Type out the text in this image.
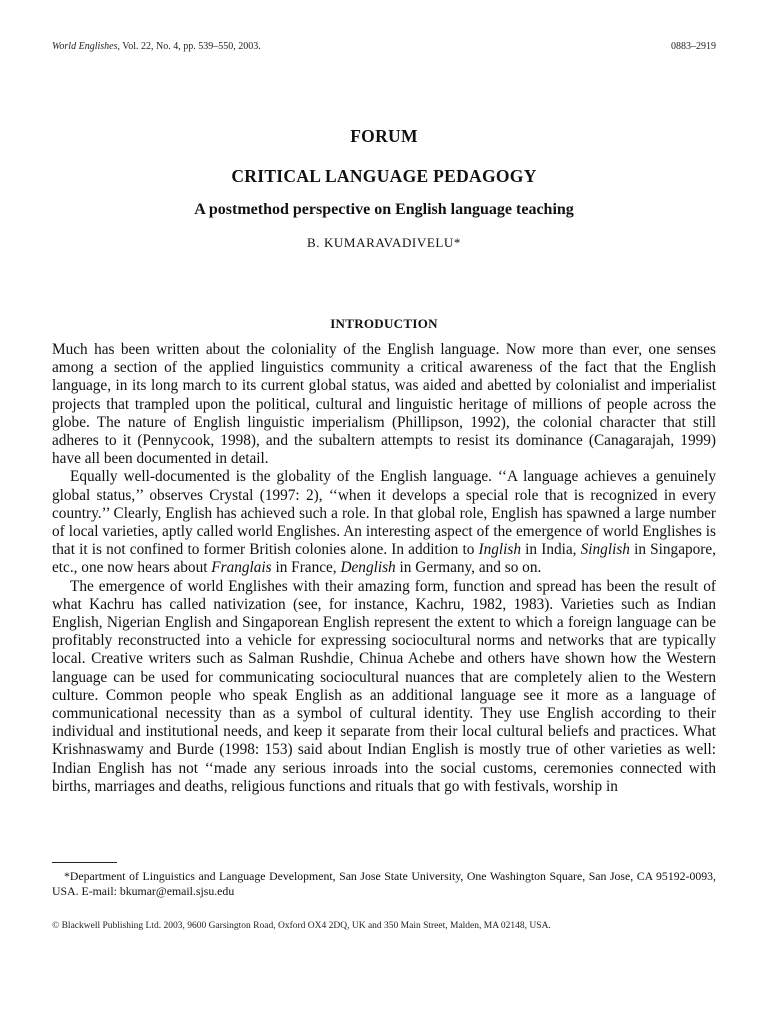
World Englishes, Vol. 22, No. 4, pp. 539–550, 2003.	0883–2919
FORUM
CRITICAL LANGUAGE PEDAGOGY
A postmethod perspective on English language teaching
B. KUMARAVADIVELU*
INTRODUCTION

Much has been written about the coloniality of the English language. Now more than ever, one senses among a section of the applied linguistics community a critical awareness of the fact that the English language, in its long march to its current global status, was aided and abetted by colonialist and imperialist projects that trampled upon the political, cultural and linguistic heritage of millions of people across the globe. The nature of English linguistic imperialism (Phillipson, 1992), the colonial character that still adheres to it (Pennycook, 1998), and the subaltern attempts to resist its dominance (Canagarajah, 1999) have all been documented in detail.

Equally well-documented is the globality of the English language. ‘‘A language achieves a genuinely global status,’’ observes Crystal (1997: 2), ‘‘when it develops a special role that is recognized in every country.’’ Clearly, English has achieved such a role. In that global role, English has spawned a large number of local varieties, aptly called world Englishes. An interesting aspect of the emergence of world Englishes is that it is not confined to former British colonies alone. In addition to Inglish in India, Singlish in Singapore, etc., one now hears about Franglais in France, Denglish in Germany, and so on.

The emergence of world Englishes with their amazing form, function and spread has been the result of what Kachru has called nativization (see, for instance, Kachru, 1982, 1983). Varieties such as Indian English, Nigerian English and Singaporean English represent the extent to which a foreign language can be profitably reconstructed into a vehicle for expressing sociocultural norms and networks that are typically local. Creative writers such as Salman Rushdie, Chinua Achebe and others have shown how the Western language can be used for communicating sociocultural nuances that are completely alien to the Western culture. Common people who speak English as an additional language see it more as a language of communicational necessity than as a symbol of cultural identity. They use English according to their individual and institutional needs, and keep it separate from their local cultural beliefs and practices. What Krishnaswamy and Burde (1998: 153) said about Indian English is mostly true of other varieties as well: Indian English has not ‘‘made any serious inroads into the social customs, ceremonies connected with births, marriages and deaths, religious functions and rituals that go with festivals, worship in

*Department of Linguistics and Language Development, San Jose State University, One Washington Square, San Jose, CA 95192-0093, USA. E-mail: bkumar@email.sjsu.edu
© Blackwell Publishing Ltd. 2003, 9600 Garsington Road, Oxford OX4 2DQ, UK and 350 Main Street, Malden, MA 02148, USA.
